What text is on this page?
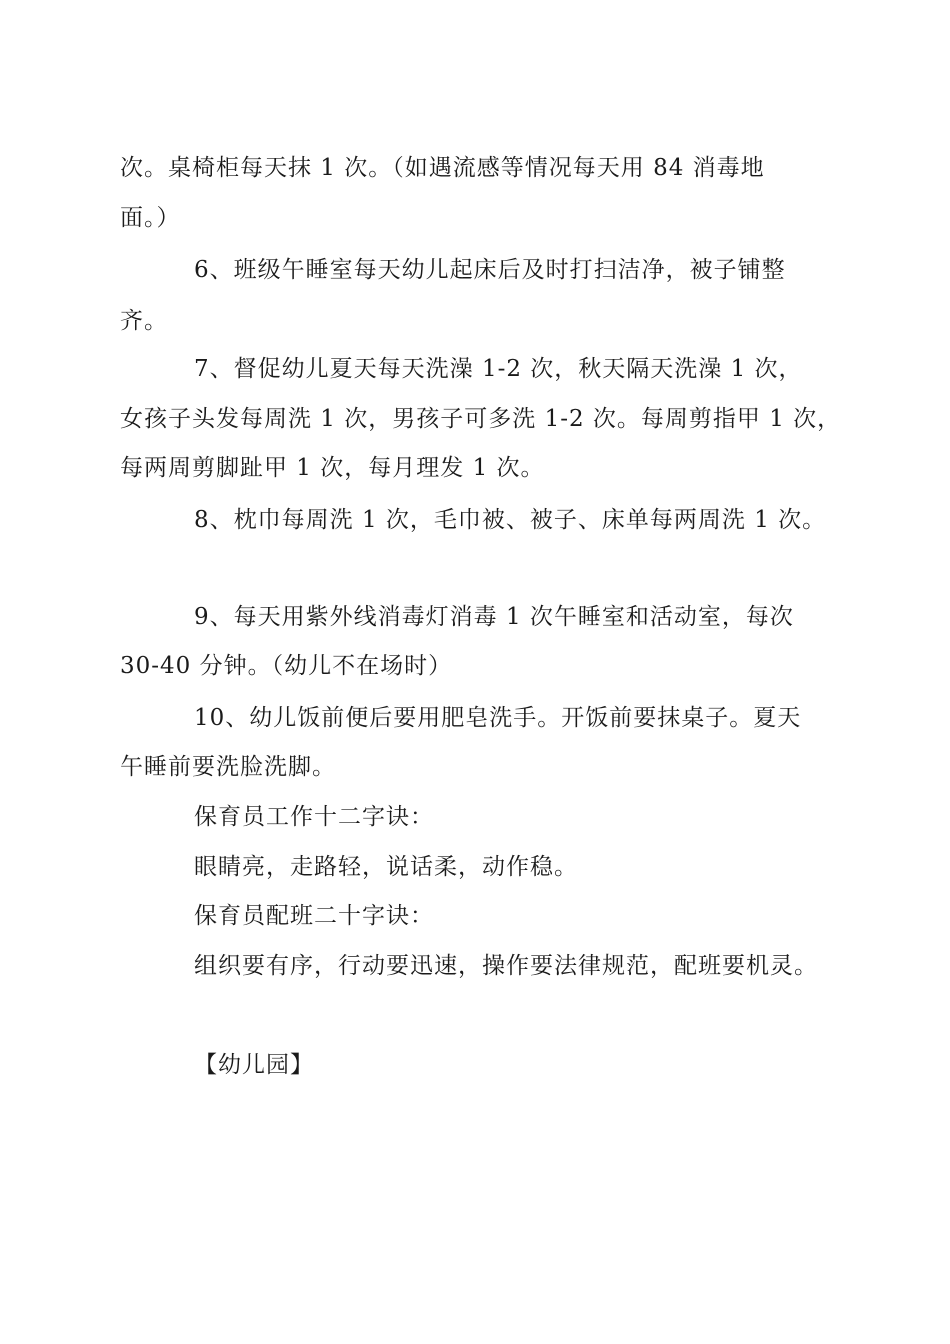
次。桌椅柜每天抹 1 次。（如遇流感等情况每天用 84 消毒地
面。）
6、班级午睡室每天幼儿起床后及时打扫洁净，被子铺整
齐。
7、督促幼儿夏天每天洗澡 1-2 次，秋天隔天洗澡 1 次，
女孩子头发每周洗 1 次，男孩子可多洗 1-2 次。每周剪指甲 1 次，
每两周剪脚趾甲 1 次，每月理发 1 次。
8、枕巾每周洗 1 次，毛巾被、被子、床单每两周洗 1 次。
9、每天用紫外线消毒灯消毒 1 次午睡室和活动室，每次
30-40 分钟。（幼儿不在场时）
10、幼儿饭前便后要用肥皂洗手。开饭前要抹桌子。夏天
午睡前要洗脸洗脚。
保育员工作十二字诀：
眼睛亮，走路轻，说话柔，动作稳。
保育员配班二十字诀：
组织要有序，行动要迅速，操作要法律规范，配班要机灵。
【幼儿园】
